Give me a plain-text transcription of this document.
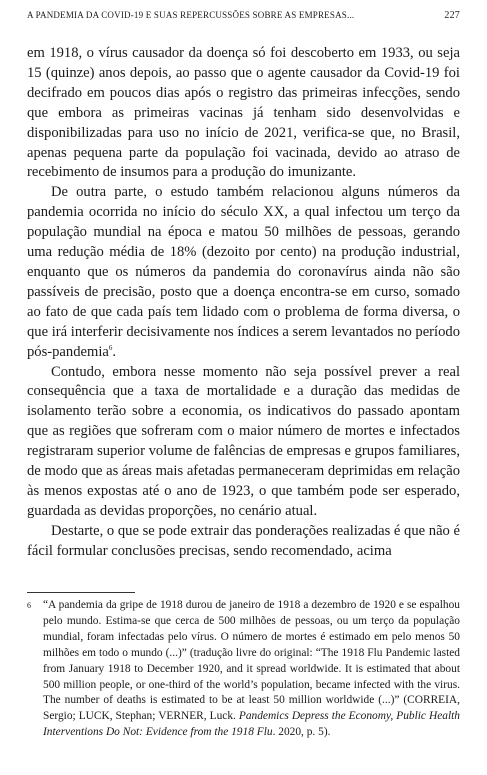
A PANDEMIA DA COVID-19 E SUAS REPERCUSSÕES SOBRE AS EMPRESAS...	227

em 1918, o vírus causador da doença só foi descoberto em 1933, ou seja 15 (quinze) anos depois, ao passo que o agente causador da Covid-19 foi decifrado em poucos dias após o registro das primeiras infecções, sendo que embora as primeiras vacinas já tenham sido desenvolvidas e disponibilizadas para uso no início de 2021, verifica-se que, no Brasil, apenas pequena parte da população foi vacinada, devido ao atraso de recebimento de insumos para a produção do imunizante.

De outra parte, o estudo também relacionou alguns números da pandemia ocorrida no início do século XX, a qual infectou um terço da população mundial na época e matou 50 milhões de pessoas, gerando uma redução média de 18% (dezoito por cento) na produção industrial, enquanto que os números da pandemia do coronavírus ainda não são passíveis de precisão, posto que a doença encontra-se em curso, somado ao fato de que cada país tem lidado com o problema de forma diversa, o que irá interferir decisivamente nos índices a serem levantados no período pós-pandemia$^6$.

Contudo, embora nesse momento não seja possível prever a real consequência que a taxa de mortalidade e a duração das medidas de isolamento terão sobre a economia, os indicativos do passado apontam que as regiões que sofreram com o maior número de mortes e infectados registraram superior volume de falências de empresas e grupos familiares, de modo que as áreas mais afetadas permaneceram deprimidas em relação às menos expostas até o ano de 1923, o que também pode ser esperado, guardada as devidas proporções, no cenário atual.

Destarte, o que se pode extrair das ponderações realizadas é que não é fácil formular conclusões precisas, sendo recomendado, acima

6 “A pandemia da gripe de 1918 durou de janeiro de 1918 a dezembro de 1920 e se espalhou pelo mundo. Estima-se que cerca de 500 milhões de pessoas, ou um terço da população mundial, foram infectadas pelo vírus. O número de mortes é estimado em pelo menos 50 milhões em todo o mundo (...)” (tradução livre do original: “The 1918 Flu Pandemic lasted from January 1918 to December 1920, and it spread worldwide. It is estimated that about 500 million people, or one-third of the world’s population, became infected with the virus. The number of deaths is estimated to be at least 50 million worldwide (...)” (CORREIA, Sergio; LUCK, Stephan; VERNER, Luck. Pandemics Depress the Economy, Public Health Interventions Do Not: Evidence from the 1918 Flu. 2020, p. 5).
